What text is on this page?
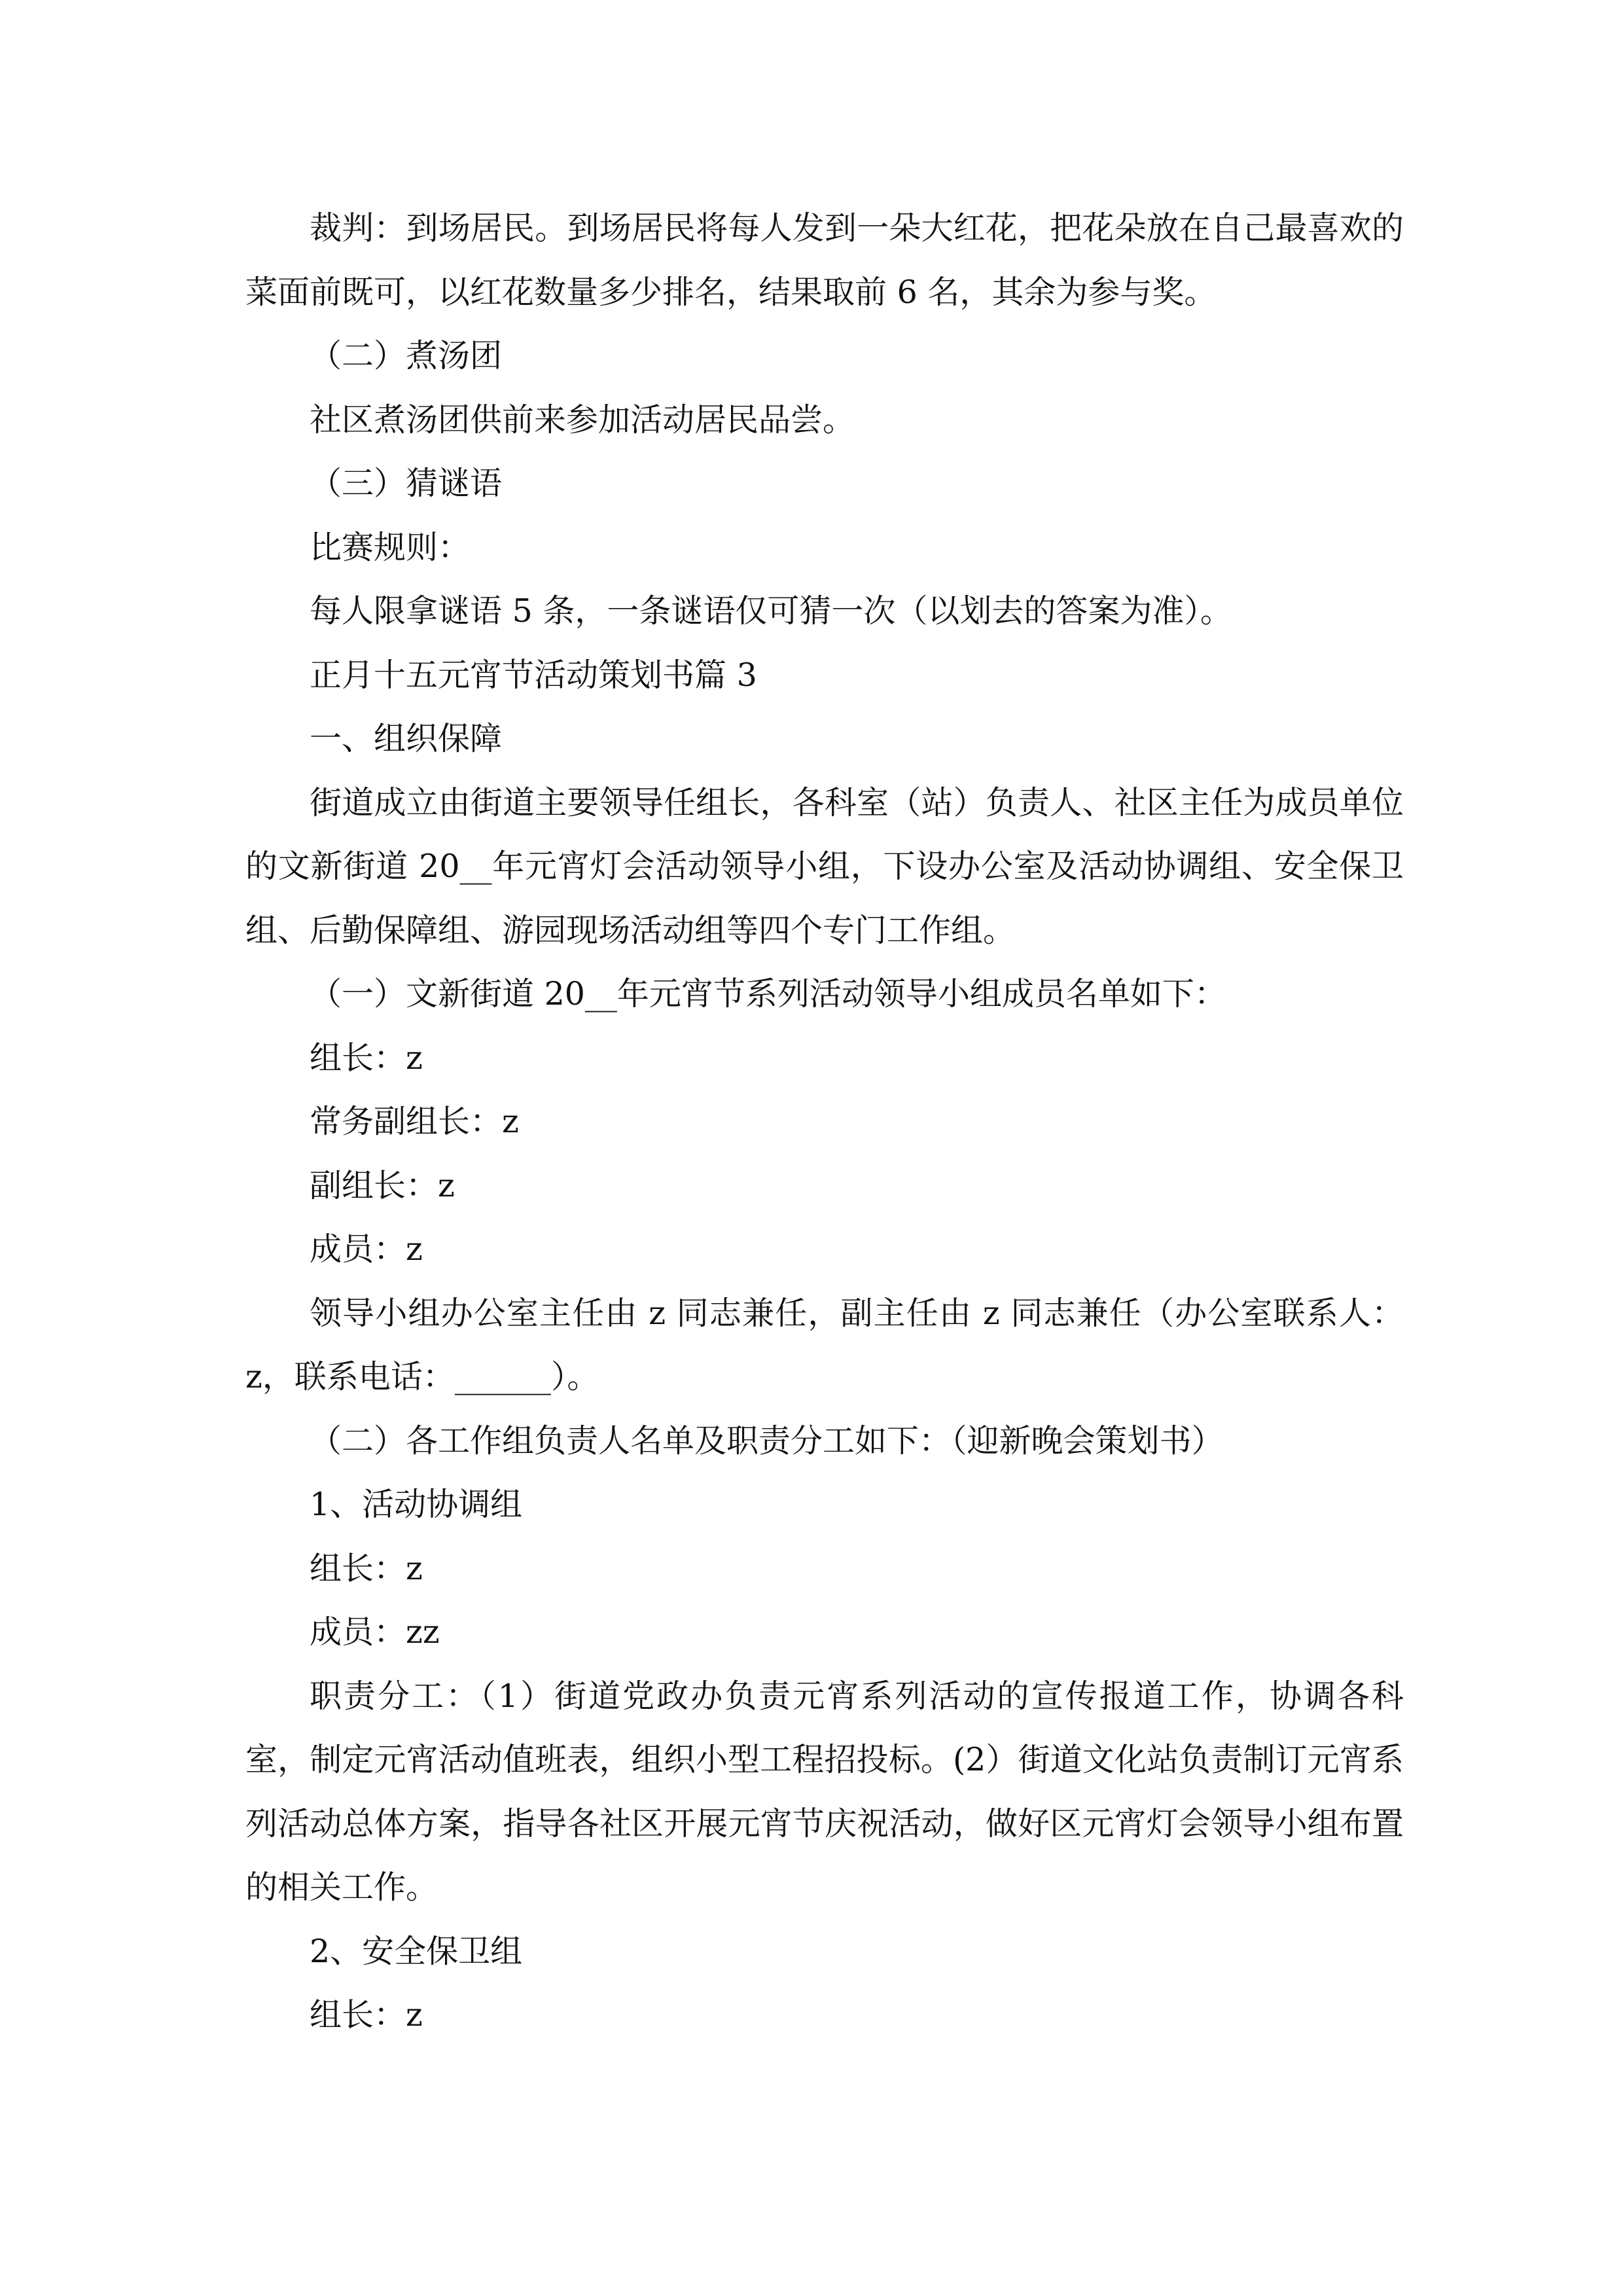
裁判：到场居民。到场居民将每人发到一朵大红花，把花朵放在自己最喜欢的菜面前既可，以红花数量多少排名，结果取前 6 名，其余为参与奖。

（二）煮汤团

社区煮汤团供前来参加活动居民品尝。

（三）猜谜语

比赛规则：

每人限拿谜语 5 条，一条谜语仅可猜一次（以划去的答案为准）。

正月十五元宵节活动策划书篇 3

一、组织保障

街道成立由街道主要领导任组长，各科室（站）负责人、社区主任为成员单位的文新街道 20__年元宵灯会活动领导小组，下设办公室及活动协调组、安全保卫组、后勤保障组、游园现场活动组等四个专门工作组。

（一）文新街道 20__年元宵节系列活动领导小组成员名单如下：

组长：z

常务副组长：z

副组长：z

成员：z

领导小组办公室主任由 z 同志兼任，副主任由 z 同志兼任（办公室联系人：z，联系电话：______）。

（二）各工作组负责人名单及职责分工如下：（迎新晚会策划书）

1、活动协调组

组长：z

成员：zz

职责分工：（1）街道党政办负责元宵系列活动的宣传报道工作，协调各科室，制定元宵活动值班表，组织小型工程招投标。(2）街道文化站负责制订元宵系列活动总体方案，指导各社区开展元宵节庆祝活动，做好区元宵灯会领导小组布置的相关工作。

2、安全保卫组

组长：z
